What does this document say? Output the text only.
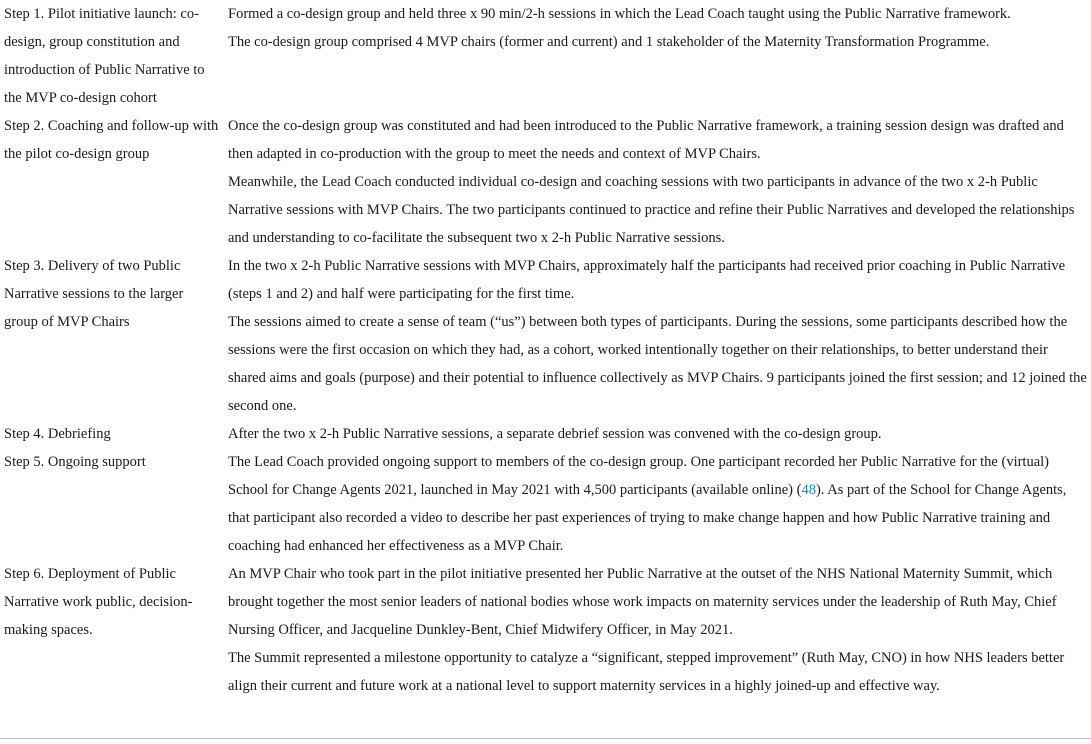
Step 1. Pilot initiative launch: co-design, group constitution and introduction of Public Narrative to the MVP co-design cohort

Formed a co-design group and held three x 90 min/2-h sessions in which the Lead Coach taught using the Public Narrative framework.

The co-design group comprised 4 MVP chairs (former and current) and 1 stakeholder of the Maternity Transformation Programme.

Step 2. Coaching and follow-up with the pilot co-design group

Once the co-design group was constituted and had been introduced to the Public Narrative framework, a training session design was drafted and then adapted in co-production with the group to meet the needs and context of MVP Chairs.

Meanwhile, the Lead Coach conducted individual co-design and coaching sessions with two participants in advance of the two x 2-h Public Narrative sessions with MVP Chairs. The two participants continued to practice and refine their Public Narratives and developed the relationships and understanding to co-facilitate the subsequent two x 2-h Public Narrative sessions.

Step 3. Delivery of two Public Narrative sessions to the larger group of MVP Chairs

In the two x 2-h Public Narrative sessions with MVP Chairs, approximately half the participants had received prior coaching in Public Narrative (steps 1 and 2) and half were participating for the first time.

The sessions aimed to create a sense of team (“us”) between both types of participants. During the sessions, some participants described how the sessions were the first occasion on which they had, as a cohort, worked intentionally together on their relationships, to better understand their shared aims and goals (purpose) and their potential to influence collectively as MVP Chairs. 9 participants joined the first session; and 12 joined the second one.

Step 4. Debriefing	After the two x 2-h Public Narrative sessions, a separate debrief session was convened with the co-design group.

Step 5. Ongoing support	The Lead Coach provided ongoing support to members of the co-design group. One participant recorded her Public Narrative for the (virtual) School for Change Agents 2021, launched in May 2021 with 4,500 participants (available online) (48). As part of the School for Change Agents, that participant also recorded a video to describe her past experiences of trying to make change happen and how Public Narrative training and coaching had enhanced her effectiveness as a MVP Chair.

Step 6. Deployment of Public Narrative work public, decision-making spaces.

An MVP Chair who took part in the pilot initiative presented her Public Narrative at the outset of the NHS National Maternity Summit, which brought together the most senior leaders of national bodies whose work impacts on maternity services under the leadership of Ruth May, Chief Nursing Officer, and Jacqueline Dunkley-Bent, Chief Midwifery Officer, in May 2021.

The Summit represented a milestone opportunity to catalyze a “significant, stepped improvement” (Ruth May, CNO) in how NHS leaders better align their current and future work at a national level to support maternity services in a highly joined-up and effective way.
